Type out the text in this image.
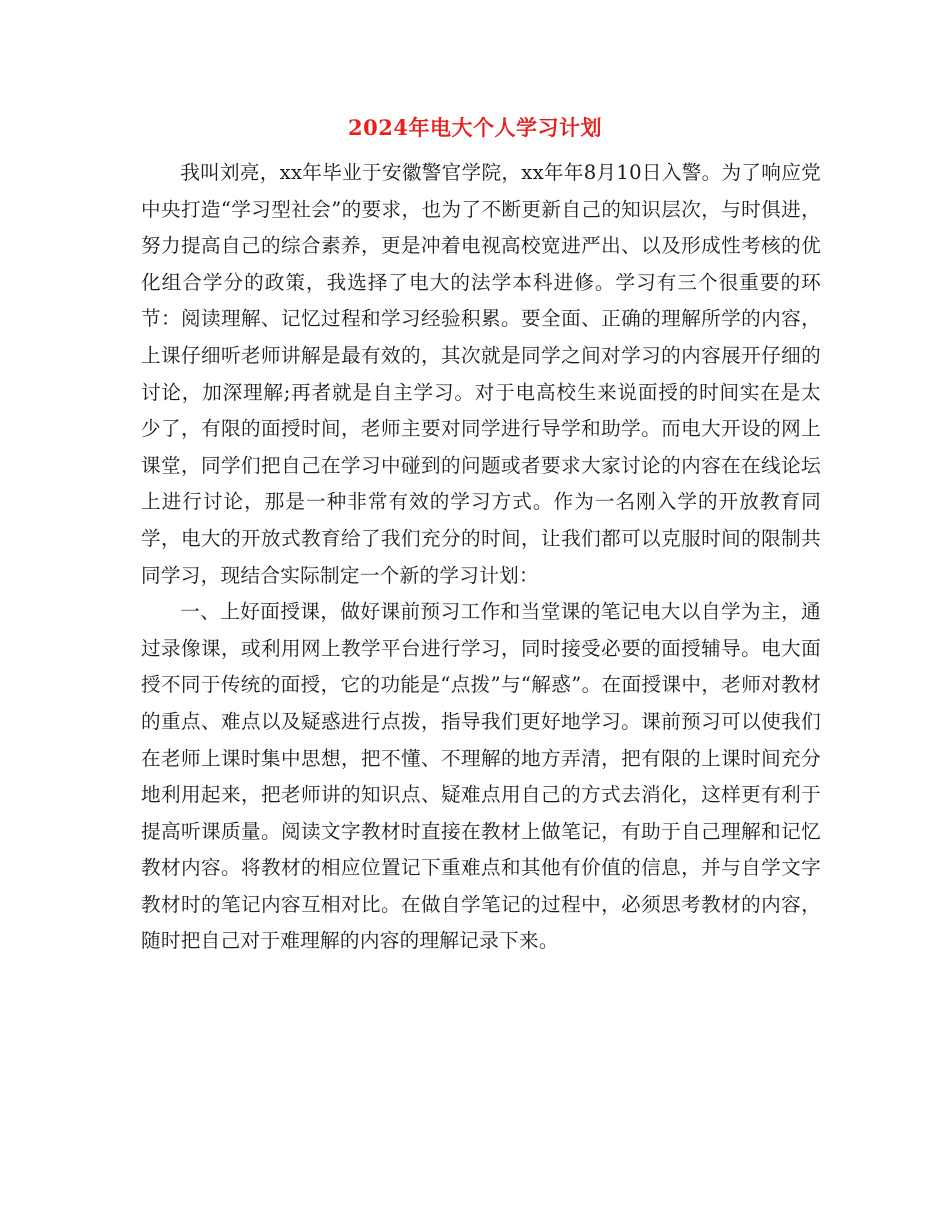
2024年电大个人学习计划

我叫刘亮，xx年毕业于安徽警官学院，xx年年8月10日入警。为了响应党中央打造“学习型社会”的要求，也为了不断更新自己的知识层次，与时俱进，努力提高自己的综合素养，更是冲着电视高校宽进严出、以及形成性考核的优化组合学分的政策，我选择了电大的法学本科进修。学习有三个很重要的环节：阅读理解、记忆过程和学习经验积累。要全面、正确的理解所学的内容，上课仔细听老师讲解是最有效的，其次就是同学之间对学习的内容展开仔细的讨论，加深理解;再者就是自主学习。对于电高校生来说面授的时间实在是太少了，有限的面授时间，老师主要对同学进行导学和助学。而电大开设的网上课堂，同学们把自己在学习中碰到的问题或者要求大家讨论的内容在在线论坛上进行讨论，那是一种非常有效的学习方式。作为一名刚入学的开放教育同学，电大的开放式教育给了我们充分的时间，让我们都可以克服时间的限制共同学习，现结合实际制定一个新的学习计划：

一、上好面授课，做好课前预习工作和当堂课的笔记电大以自学为主，通过录像课，或利用网上教学平台进行学习，同时接受必要的面授辅导。电大面授不同于传统的面授，它的功能是“点拨”与“解惑”。在面授课中，老师对教材的重点、难点以及疑惑进行点拨，指导我们更好地学习。课前预习可以使我们在老师上课时集中思想，把不懂、不理解的地方弄清，把有限的上课时间充分地利用起来，把老师讲的知识点、疑难点用自己的方式去消化，这样更有利于提高听课质量。阅读文字教材时直接在教材上做笔记，有助于自己理解和记忆教材内容。将教材的相应位置记下重难点和其他有价值的信息，并与自学文字教材时的笔记内容互相对比。在做自学笔记的过程中，必须思考教材的内容，随时把自己对于难理解的内容的理解记录下来。
